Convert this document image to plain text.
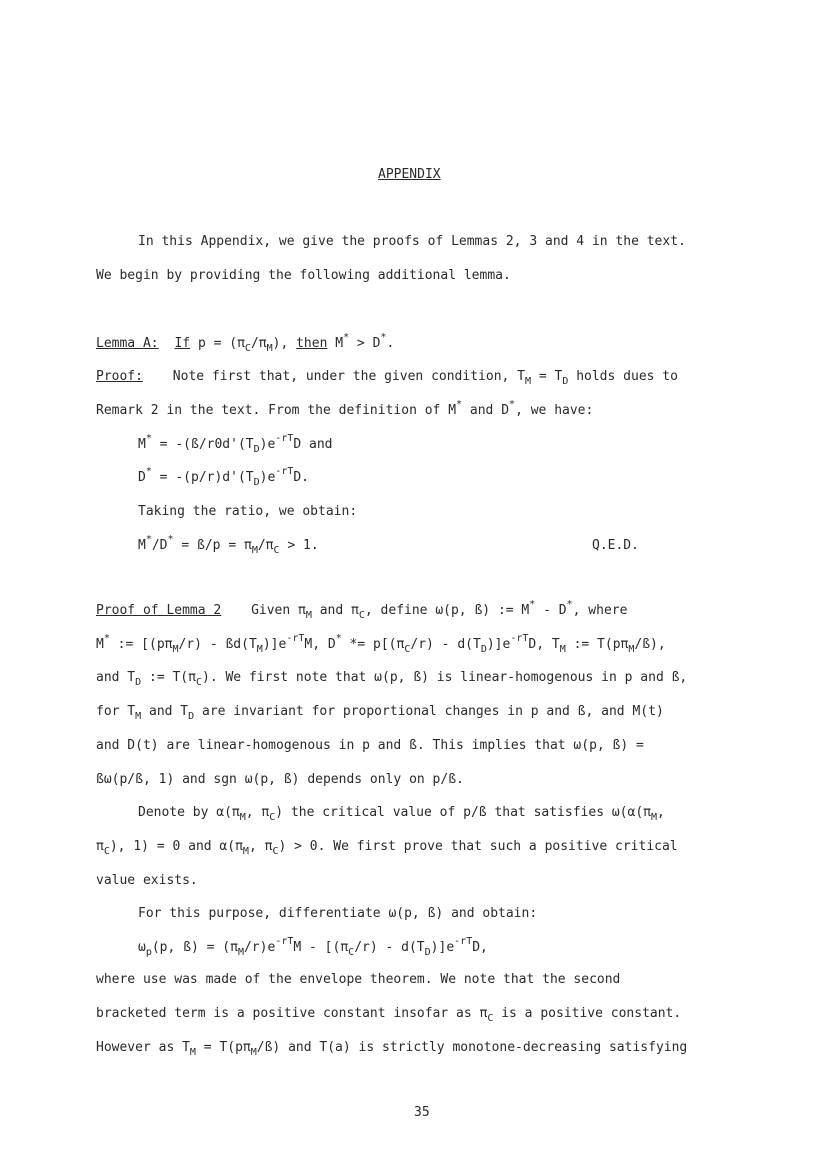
APPENDIX
In this Appendix, we give the proofs of Lemmas 2, 3 and 4 in the text.
We begin by providing the following additional lemma.
Lemma A: If $p = (\pi_C/\pi_M)$, then M* > D*.
Proof: Note first that, under the given condition, $T_M = T_D$ holds dues to
Remark 2 in the text. From the definition of M* and D*, we have:
$M^* = -(ß/r0d'(T_D)e^{-rT}D$ and
$D^* = -(p/r)d'(T_D)e^{-rT}D$.
Taking the ratio, we obtain:
M*/D* = ß/p = $\pi_M/\pi_C > 1$.	Q.E.D.
Proof of Lemma 2 Given $\pi_M$ and $\pi_C$, define ω(p, ß) := M* - D*, where
M* := [$(p\pi_M/r)$ - $ßd(T_M)]e^{-rT}M$, $D^* *= p[(\pi_C/r) - d(T_D)]e^{-rT}D$, $T_M$ := $T(p\pi_M/ß)$,
and $T_D$ := $T(\pi_C)$. We first note that ω(p, ß) is linear-homogenous in p and ß,
for $T_M$ and $T_D$ are invariant for proportional changes in p and ß, and M(t)
and D(t) are linear-homogenous in p and ß. This implies that ω(p, ß) =
ßω(p/ß, 1) and sgn ω(p, ß) depends only on p/ß.
Denote by $\alpha(\pi_M$, $\pi_C$) the critical value of p/ß that satisfies $\omega(\alpha(\pi_M$,
$\pi_C$), 1) = 0 and $\alpha(\pi_M$, $\pi_C) > 0$. We first prove that such a positive critical
value exists.
For this purpose, differentiate ω(p, ß) and obtain:
$\omega_p(p$, ß) = $(\pi_M/r)e^{-rT}M - [(\pi_C/r) - d(T_D)]e^{-rT}D$,
where use was made of the envelope theorem. We note that the second
bracketed term is a positive constant insofar as $\pi_C$ is a positive constant.
However as $T_M$ = $T(p\pi_M/ß)$ and T(a) is strictly monotone-decreasing satisfying
35
